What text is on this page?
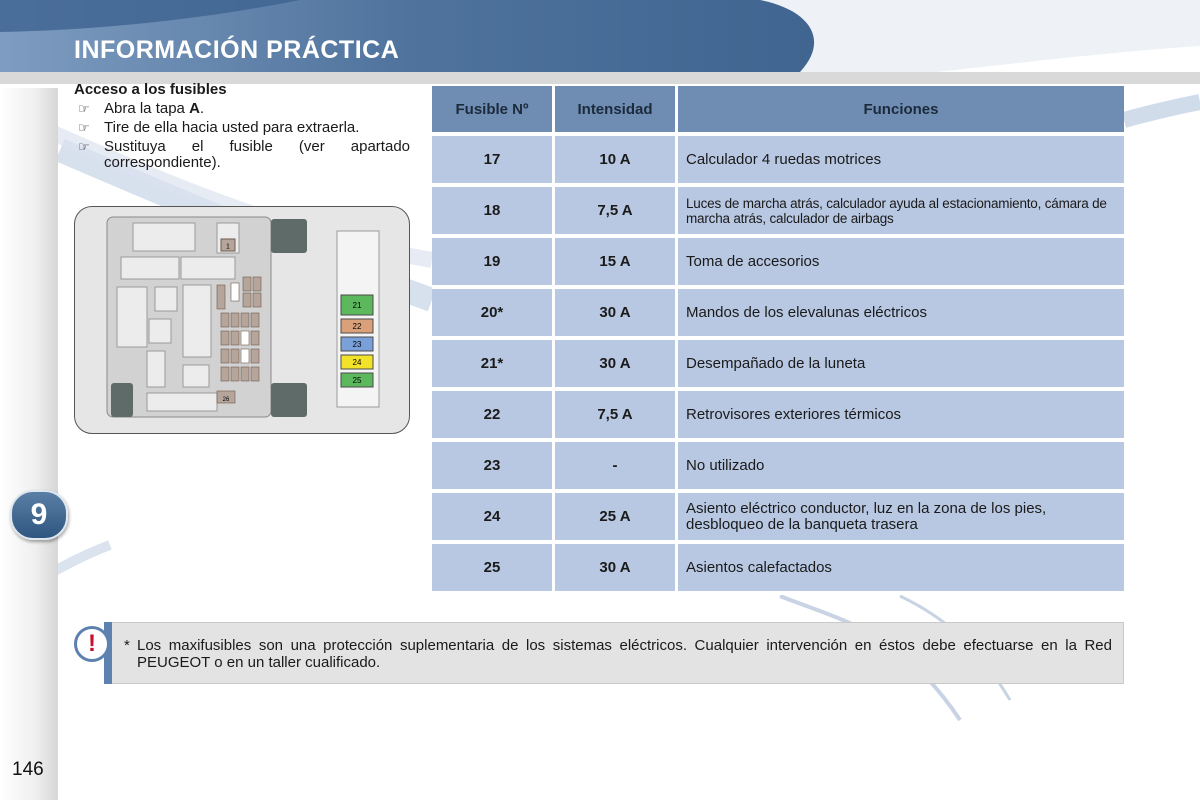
INFORMACIÓN PRÁCTICA
9
146
Acceso a los fusibles
☞ Abra la tapa A.
☞ Tire de ella hacia usted para extraerla.
☞ Sustituya el fusible (ver apartado correspondiente).
1
26
21
22
23
24
25
Fusible Nº	Intensidad	Funciones
17	10 A	Calculador 4 ruedas motrices
18	7,5 A	Luces de marcha atrás, calculador ayuda al estacionamiento, cámara de marcha atrás, calculador de airbags
19	15 A	Toma de accesorios
20*	30 A	Mandos de los elevalunas eléctricos
21*	30 A	Desempañado de la luneta
22	7,5 A	Retrovisores exteriores térmicos
23	-	No utilizado
24	25 A	Asiento eléctrico conductor, luz en la zona de los pies, desbloqueo de la banqueta trasera
25	30 A	Asientos calefactados
!	* Los maxifusibles son una protección suplementaria de los sistemas eléctricos. Cualquier intervención en éstos debe efectuarse en la Red PEUGEOT o en un taller cualificado.
